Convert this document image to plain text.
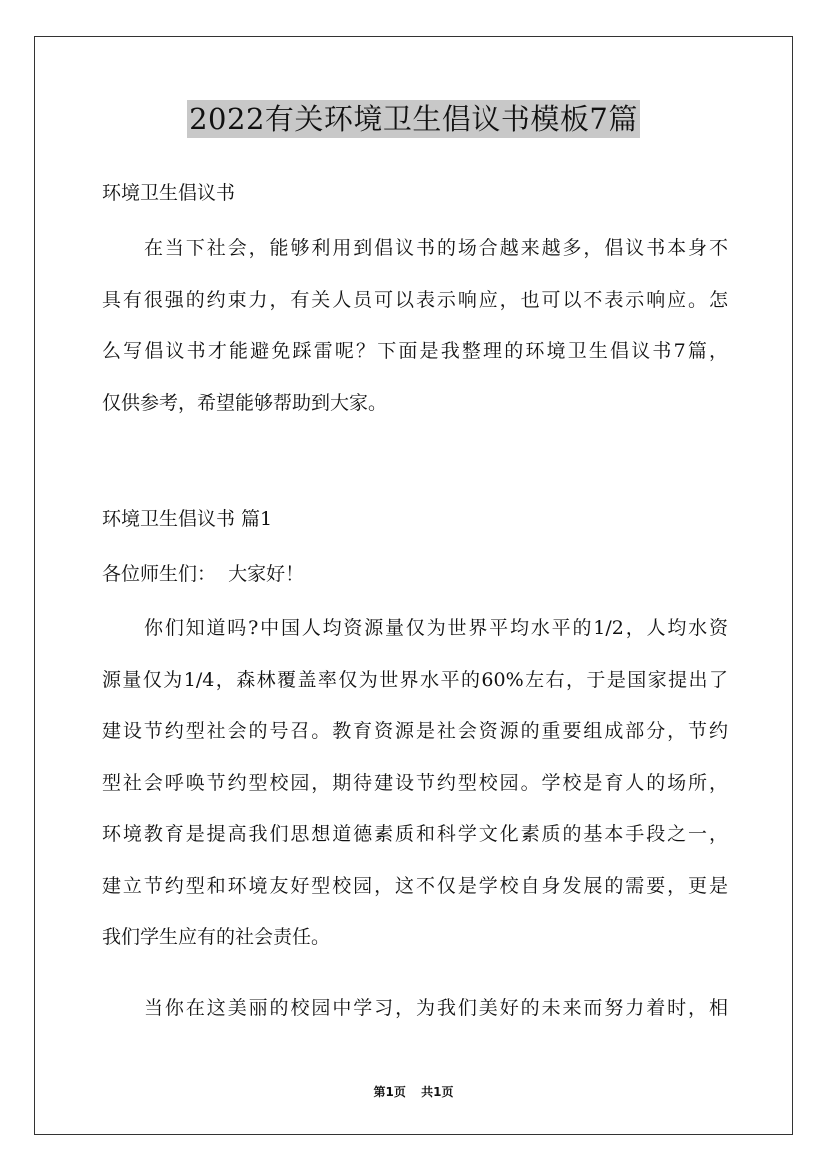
2022有关环境卫生倡议书模板7篇
环境卫生倡议书
在当下社会，能够利用到倡议书的场合越来越多，倡议书本身不
具有很强的约束力，有关人员可以表示响应，也可以不表示响应。怎
么写倡议书才能避免踩雷呢？下面是我整理的环境卫生倡议书7篇，
仅供参考，希望能够帮助到大家。
环境卫生倡议书 篇1
各位师生们：  大家好！
你们知道吗?中国人均资源量仅为世界平均水平的1/2，人均水资
源量仅为1/4，森林覆盖率仅为世界水平的60%左右，于是国家提出了
建设节约型社会的号召。教育资源是社会资源的重要组成部分，节约
型社会呼唤节约型校园，期待建设节约型校园。学校是育人的场所，
环境教育是提高我们思想道德素质和科学文化素质的基本手段之一，
建立节约型和环境友好型校园，这不仅是学校自身发展的需要，更是
我们学生应有的社会责任。
当你在这美丽的校园中学习，为我们美好的未来而努力着时，相
第1页 共1页
